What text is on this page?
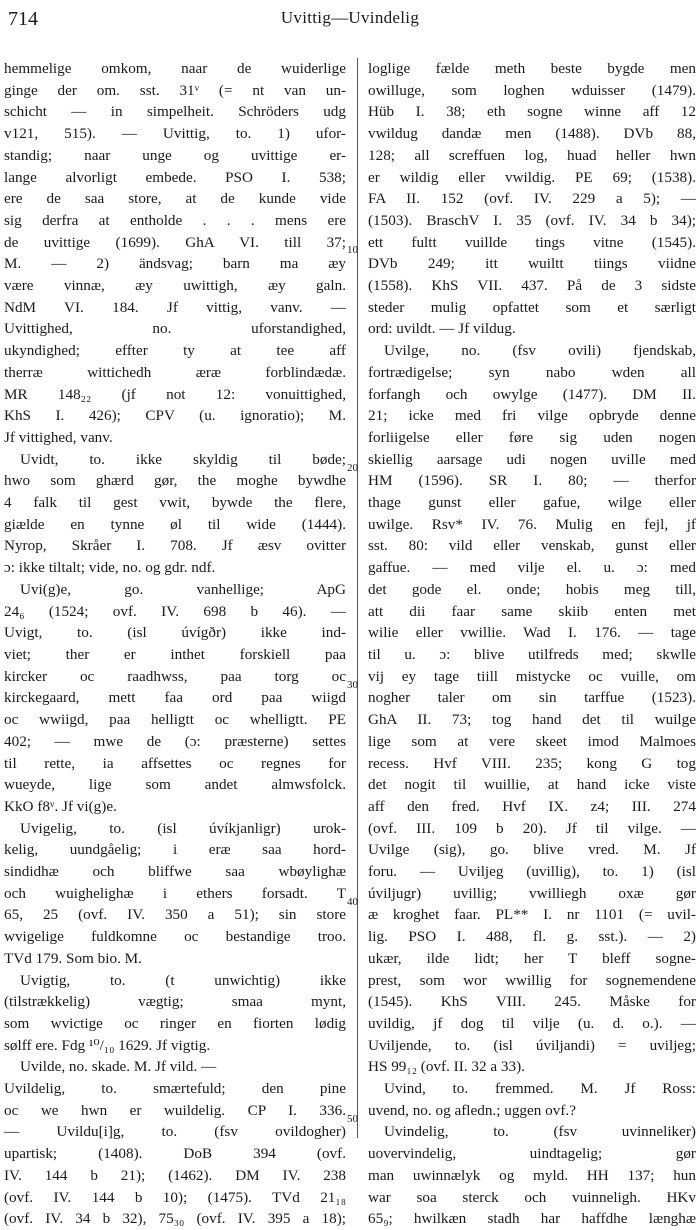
714	Uvittig—Uvindelig

hemmelige omkom, naar de wuiderlige

ginge der om. sst. 31ᵛ (= nt van un-

schicht — in simpelheit. Schröders udg

v121, 515). — Uvittig, to. 1) ufor-

standig; naar unge og uvittige er-

lange alvorligt embede. PSO I. 538;

ere de saa store, at de kunde vide

sig derfra at entholde . . . mens ere

de uvittige (1699). GhA VI. till 37;

M. — 2) ändsvag; barn ma æy

være vinnæ, æy uwittigh, æy galn.

NdM VI. 184. Jf vittig, vanv. —

Uvittighed, no. uforstandighed,

ukyndighed; effter ty at tee aff

therræ wittichedh æræ forblindædæ.

MR 148₂₂ (jf not 12: vonuittighed,

KhS I. 426); CPV (u. ignoratio); M.

Jf vittighed, vanv.

Uvidt, to. ikke skyldig til bøde;

hwo som ghærd gør, the moghe bywdhe

4 falk til gest vwit, bywde the flere,

giælde en tynne øl til wide (1444).

Nyrop, Skråer I. 708. Jf æsv ovitter

ɔ: ikke tiltalt; vide, no. og gdr. ndf.

Uvi(g)e, go. vanhellige; ApG

24₆ (1524; ovf. IV. 698 b 46). —

Uvigt, to. (isl úvígðr) ikke ind-

viet; ther er inthet forskiell paa

kircker oc raadhwss, paa torg oc

kirckegaard, mett faa ord paa wiigd

oc wwiigd, paa helligtt oc whelligtt. PE

402; — mwe de (ɔ: præsterne) settes

til rette, ia affsettes oc regnes for

wueyde, lige som andet almwsfolck.

KkO f8ᵛ. Jf vi(g)e.

Uvigelig, to. (isl úvíkjanligr) urok-

kelig, uundgåelig; i eræ saa hord-

sindidhæ och bliffwe saa wbøylighæ

och wuighelighæ i ethers forsadt. T

65, 25 (ovf. IV. 350 a 51); sin store

wvigelige fuldkomne oc bestandige troo.

TVd 179. Som bio. M.

Uvigtig, to. (t unwichtig) ikke

(tilstrækkelig) vægtig; smaa mynt,

som wvictige oc ringer en fiorten lødig

sølff ere. Fdg ¹⁰/₁₀ 1629. Jf vigtig.

Uvilde, no. skade. M. Jf vild. —

Uvildelig, to. smærtefuld; den pine

oc we hwn er wuildelig. CP I. 336.

— Uvildu[i]g, to. (fsv ovildogher)

upartisk; (1408). DoB 394 (ovf.

IV. 144 b 21); (1462). DM IV. 238

(ovf. IV. 144 b 10); (1475). TVd 21₁₈

(ovf. IV. 34 b 32), 75₃₀ (ovf. IV. 395 a 18);

loglige fælde meth beste bygde men

owilluge, som loghen wduisser (1479).

Hüb I. 38; eth sogne winne aff 12

vwildug dandæ men (1488). DVb 88,

128; all screffuen log, huad heller hwn

er wildig eller vwildig. PE 69; (1538).

FA II. 152 (ovf. IV. 229 a 5); —

(1503). BraschV I. 35 (ovf. IV. 34 b 34);

ett fultt vuillde tings vitne (1545).

DVb 249; itt wuiltt tiings viidne

(1558). KhS VII. 437. På de 3 sidste

steder mulig opfattet som et særligt

ord: uvildt. — Jf vildug.

Uvilge, no. (fsv ovili) fjendskab,

fortrædigelse; syn nabo wden all

forfangh och owylge (1477). DM II.

21; icke med fri vilge opbryde denne

forliigelse eller føre sig uden nogen

skiellig aarsage udi nogen uville med

HM (1596). SR I. 80; — therfor

thage gunst eller gafue, wilge eller

uwilge. Rsv* IV. 76. Mulig en fejl, jf

sst. 80: vild eller venskab, gunst eller

gaffue. — med vilje el. u. ɔ: med

det gode el. onde; hobis meg till,

att dii faar same skiib enten met

wilie eller vwillie. Wad I. 176. — tage

til u. ɔ: blive utilfreds med; skwlle

vij ey tage tiill mistycke oc vuille, om

nogher taler om sin tarffue (1523).

GhA II. 73; tog hand det til wuilge

lige som at vere skeet imod Malmoes

recess. Hvf VIII. 235; kong G tog

det nogit til wuillie, at hand icke viste

aff den fred. Hvf IX. z4; III. 274

(ovf. III. 109 b 20). Jf til vilge. —

Uvilge (sig), go. blive vred. M. Jf

foru. — Uviljeg (uvillig), to. 1) (isl

úviljugr) uvillig; vwilliegh oxæ gør

æ kroghet faar. PL** I. nr 1101 (= uvil-

lig. PSO I. 488, fl. g. sst.). — 2)

ukær, ilde lidt; her T bleff sogne-

prest, som wor wwillig for sognemendene

(1545). KhS VIII. 245. Måske for

uvildig, jf dog til vilje (u. d. o.). —

Uviljende, to. (isl úviljandi) = uviljeg;

HS 99₁₂ (ovf. II. 32 a 33).

Uvind, to. fremmed. M. Jf Ross:

uvend, no. og afledn.; uggen ovf.?

Uvindelig, to. (fsv uvinneliker)

uovervindelig, uindtagelig; gør

man uwinnælyk og myld. HH 137; hun

war soa sterck och vuinneligh. HKv

65₉; hwilkæn stadh har haffdhe længhæ

10
20
30
40
50
